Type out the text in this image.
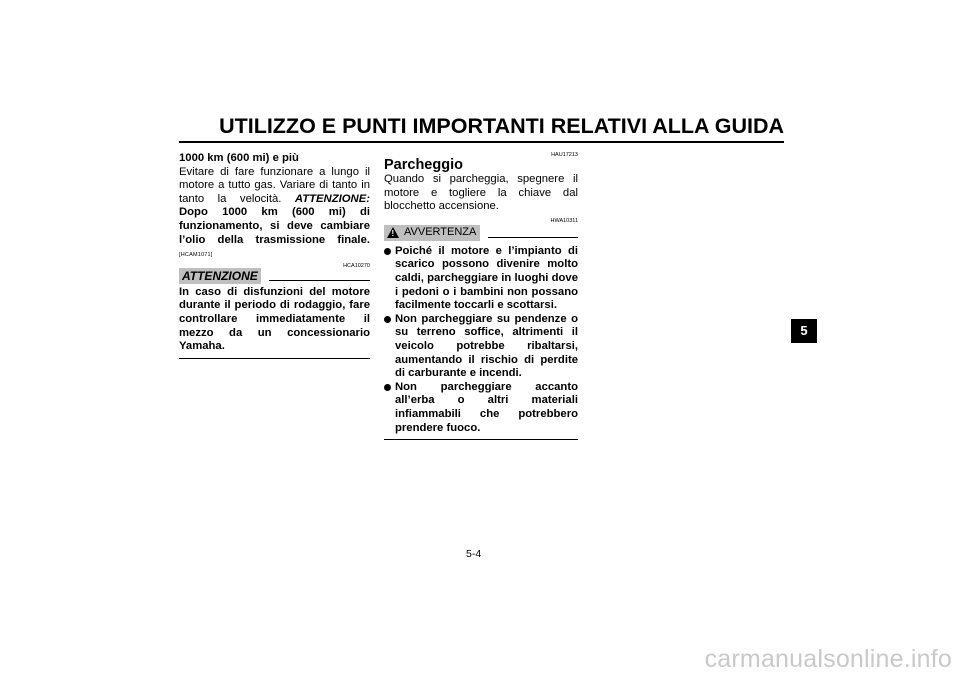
UTILIZZO E PUNTI IMPORTANTI RELATIVI ALLA GUIDA
1000 km (600 mi) e più
Evitare di fare funzionare a lungo il motore a tutto gas. Variare di tanto in tanto la velocità. ATTENZIONE: Dopo 1000 km (600 mi) di funzionamento, si deve cambiare l’olio della trasmissione finale.[HCAM1071]
HCA10270
ATTENZIONE
In caso di disfunzioni del motore durante il periodo di rodaggio, fare controllare immediatamente il mezzo da un concessionario Yamaha.
HAU17213
Parcheggio
Quando si parcheggia, spegnere il motore e togliere la chiave dal blocchetto accensione.
HWA10311
! AVVERTENZA
Poiché il motore e l’impianto di scarico possono divenire molto caldi, parcheggiare in luoghi dove i pedoni o i bambini non possano facilmente toccarli e scottarsi.
Non parcheggiare su pendenze o su terreno soffice, altrimenti il veicolo potrebbe ribaltarsi, aumentando il rischio di perdite di carburante e incendi.
Non parcheggiare accanto all’erba o altri materiali infiammabili che potrebbero prendere fuoco.
5
5-4
carmanualsonline.info
